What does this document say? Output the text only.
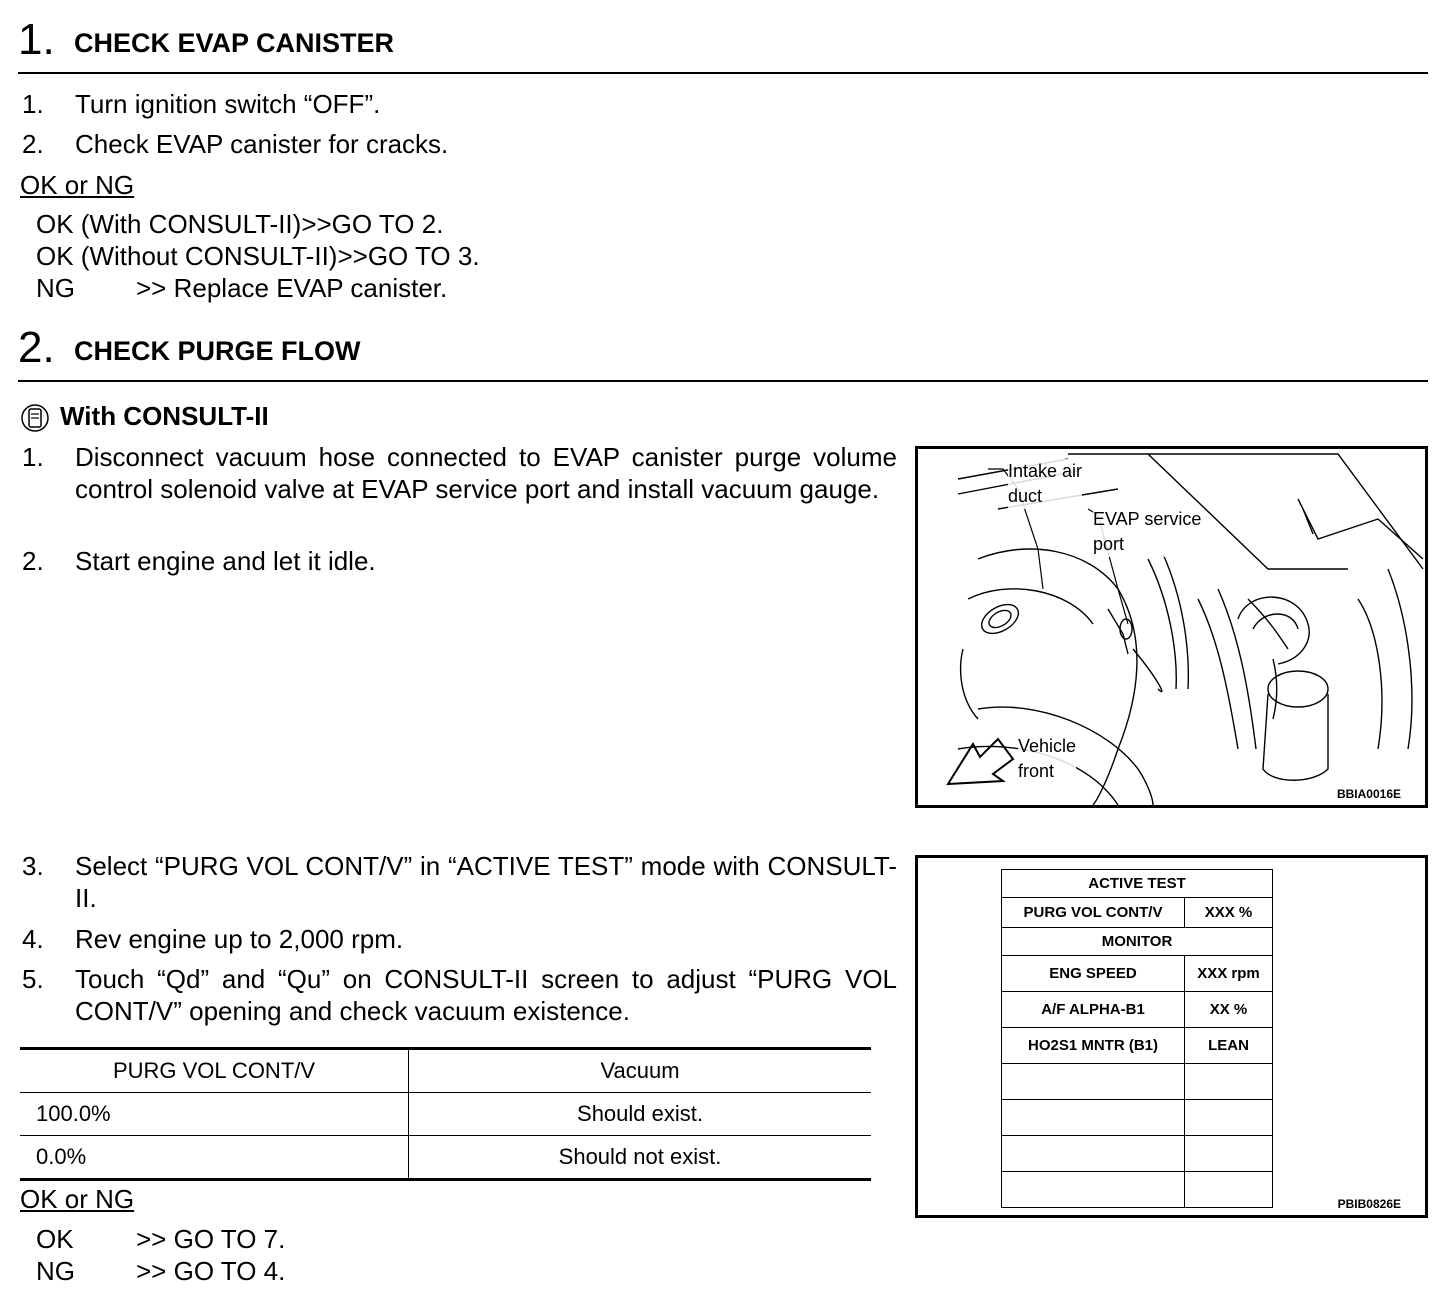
1. CHECK EVAP CANISTER
1. Turn ignition switch “OFF”.
2. Check EVAP canister for cracks.
OK or NG
OK (With CONSULT-II)>>GO TO 2.
OK (Without CONSULT-II)>>GO TO 3.
NG >> Replace EVAP canister.
2. CHECK PURGE FLOW
With CONSULT-II
1. Disconnect vacuum hose connected to EVAP canister purge volume control solenoid valve at EVAP service port and install vacuum gauge.
2. Start engine and let it idle.
3. Select “PURG VOL CONT/V” in “ACTIVE TEST” mode with CONSULT-II.
4. Rev engine up to 2,000 rpm.
5. Touch “Qd” and “Qu” on CONSULT-II screen to adjust “PURG VOL CONT/V” opening and check vacuum existence.
PURG VOL CONT/V	Vacuum
100.0%	Should exist.
0.0%	Should not exist.
OK or NG
OK >> GO TO 7.
NG >> GO TO 4.
Intake air
duct
EVAP service
port
Vehicle
front
BBIA0016E
PBIB0826E
ACTIVE TEST	
PURG VOL CONT/V	XXX %
MONITOR	
ENG SPEED	XXX rpm
A/F ALPHA-B1	XX %
HO2S1 MNTR (B1)	LEAN
